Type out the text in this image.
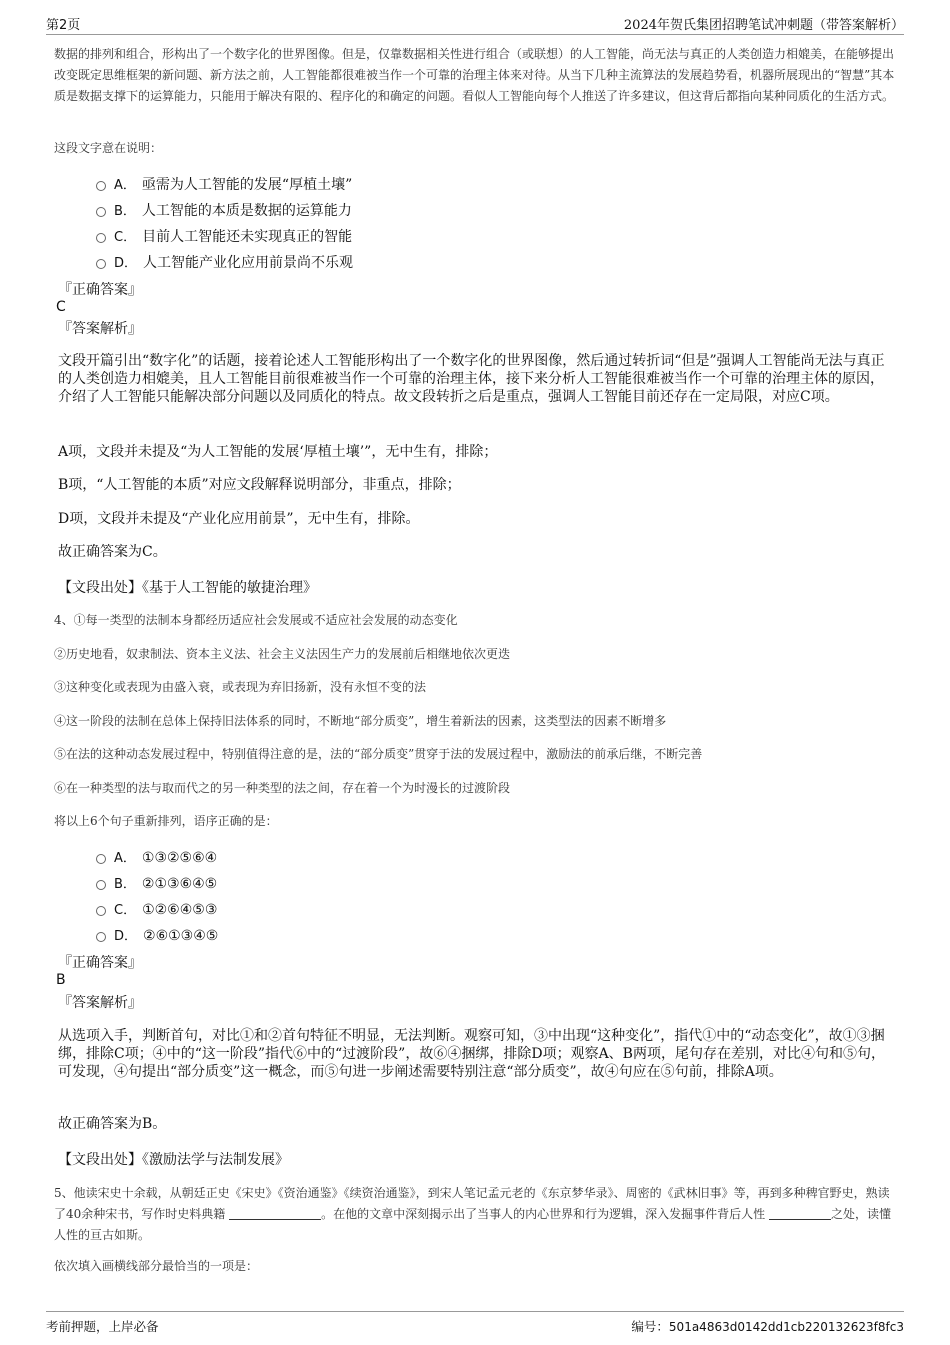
第2页	2024年贺氏集团招聘笔试冲刺题（带答案解析）
数据的排列和组合，形构出了一个数字化的世界图像。但是，仅靠数据相关性进行组合（或联想）的人工智能，尚无法与真正的人类创造力相媲美，在能够提出改变既定思维框架的新问题、新方法之前，人工智能都很难被当作一个可靠的治理主体来对待。从当下几种主流算法的发展趋势看，机器所展现出的“智慧”其本质是数据支撑下的运算能力，只能用于解决有限的、程序化的和确定的问题。看似人工智能向每个人推送了许多建议，但这背后都指向某种同质化的生活方式。
这段文字意在说明：
A． 亟需为人工智能的发展“厚植土壤”
B． 人工智能的本质是数据的运算能力
C． 目前人工智能还未实现真正的智能
D． 人工智能产业化应用前景尚不乐观
『正确答案』
C
『答案解析』
文段开篇引出“数字化”的话题，接着论述人工智能形构出了一个数字化的世界图像，然后通过转折词“但是”强调人工智能尚无法与真正的人类创造力相媲美，且人工智能目前很难被当作一个可靠的治理主体，接下来分析人工智能很难被当作一个可靠的治理主体的原因，介绍了人工智能只能解决部分问题以及同质化的特点。故文段转折之后是重点，强调人工智能目前还存在一定局限，对应C项。
A项，文段并未提及“为人工智能的发展‘厚植土壤’”，无中生有，排除；
B项，“人工智能的本质”对应文段解释说明部分，非重点，排除；
D项，文段并未提及“产业化应用前景”，无中生有，排除。
故正确答案为C。
【文段出处】《基于人工智能的敏捷治理》
4、①每一类型的法制本身都经历适应社会发展或不适应社会发展的动态变化
②历史地看，奴隶制法、资本主义法、社会主义法因生产力的发展前后相继地依次更迭
③这种变化或表现为由盛入衰，或表现为弃旧扬新，没有永恒不变的法
④这一阶段的法制在总体上保持旧法体系的同时，不断地“部分质变”，增生着新法的因素，这类型法的因素不断增多
⑤在法的这种动态发展过程中，特别值得注意的是，法的“部分质变”贯穿于法的发展过程中，激励法的前承后继，不断完善
⑥在一种类型的法与取而代之的另一种类型的法之间，存在着一个为时漫长的过渡阶段
将以上6个句子重新排列，语序正确的是：
A． ①③②⑤⑥④
B． ②①③⑥④⑤
C． ①②⑥④⑤③
D． ②⑥①③④⑤
『正确答案』
B
『答案解析』
从选项入手，判断首句，对比①和②首句特征不明显，无法判断。观察可知，③中出现“这种变化”，指代①中的“动态变化”，故①③捆绑，排除C项；④中的“这一阶段”指代⑥中的“过渡阶段”，故⑥④捆绑，排除D项；观察A、B两项，尾句存在差别，对比④句和⑤句，可发现，④句提出“部分质变”这一概念，而⑤句进一步阐述需要特别注意“部分质变”，故④句应在⑤句前，排除A项。
故正确答案为B。
【文段出处】《激励法学与法制发展》
5、他读宋史十余载，从朝廷正史《宋史》《资治通鉴》《续资治通鉴》，到宋人笔记孟元老的《东京梦华录》、周密的《武林旧事》等，再到多种稗官野史，熟读了40余种宋书，写作时史料典籍	。在他的文章中深刻揭示出了当事人的内心世界和行为逻辑，深入发掘事件背后人性	之处，读懂人性的亘古如斯。
依次填入画横线部分最恰当的一项是：
考前押题，上岸必备	编号：501a4863d0142dd1cb220132623f8fc3
